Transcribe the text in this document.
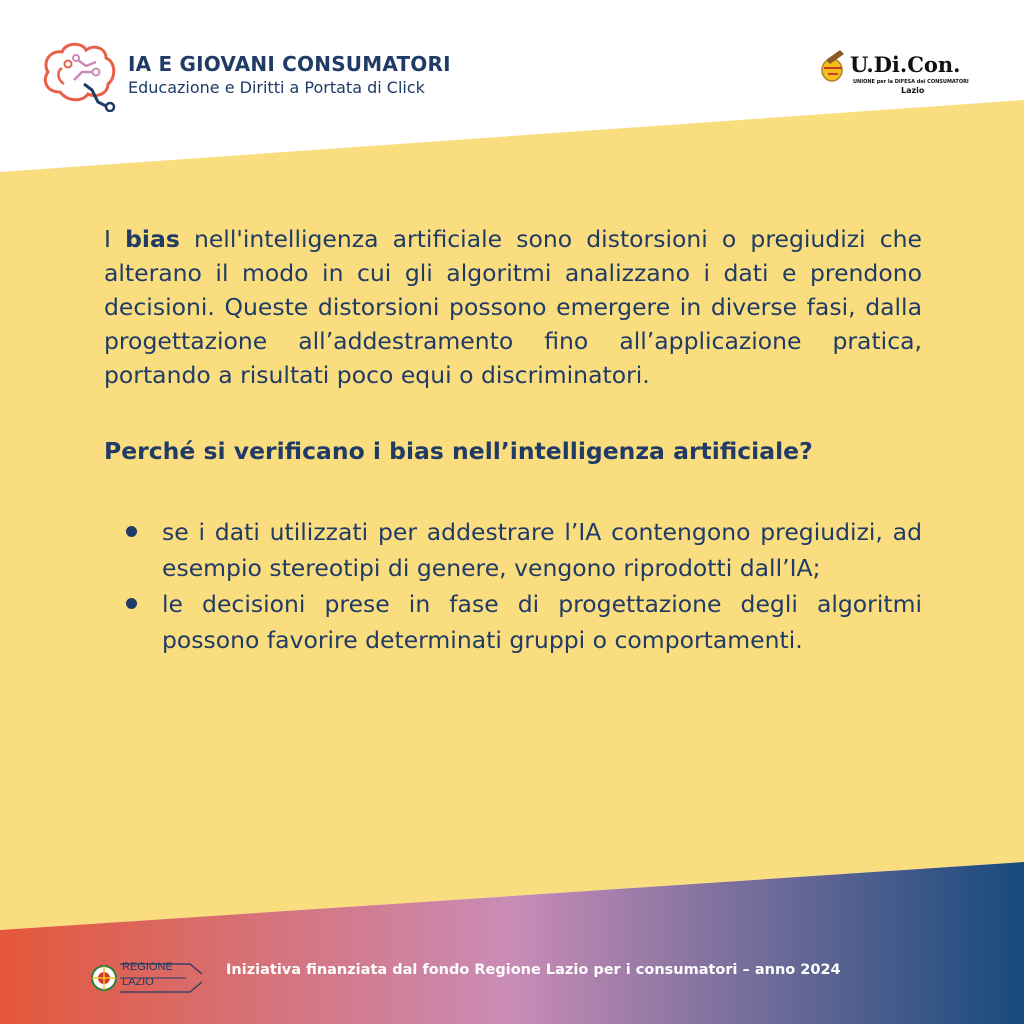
IA E GIOVANI CONSUMATORI
Educazione e Diritti a Portata di Click
U.Di.Con.
UNIONE per la DIFESA dei CONSUMATORI
Lazio

I bias nell'intelligenza artificiale sono distorsioni o pregiudizi che alterano il modo in cui gli algoritmi analizzano i dati e prendono decisioni. Queste distorsioni possono emergere in diverse fasi, dalla progettazione all’addestramento fino all’applicazione pratica, portando a risultati poco equi o discriminatori.

Perché si verificano i bias nell’intelligenza artificiale?

se i dati utilizzati per addestrare l’IA contengono pregiudizi, ad esempio stereotipi di genere, vengono riprodotti dall’IA;
le decisioni prese in fase di progettazione degli algoritmi possono favorire determinati gruppi o comportamenti.
REGIONE
LAZIO
Iniziativa finanziata dal fondo Regione Lazio per i consumatori – anno 2024
